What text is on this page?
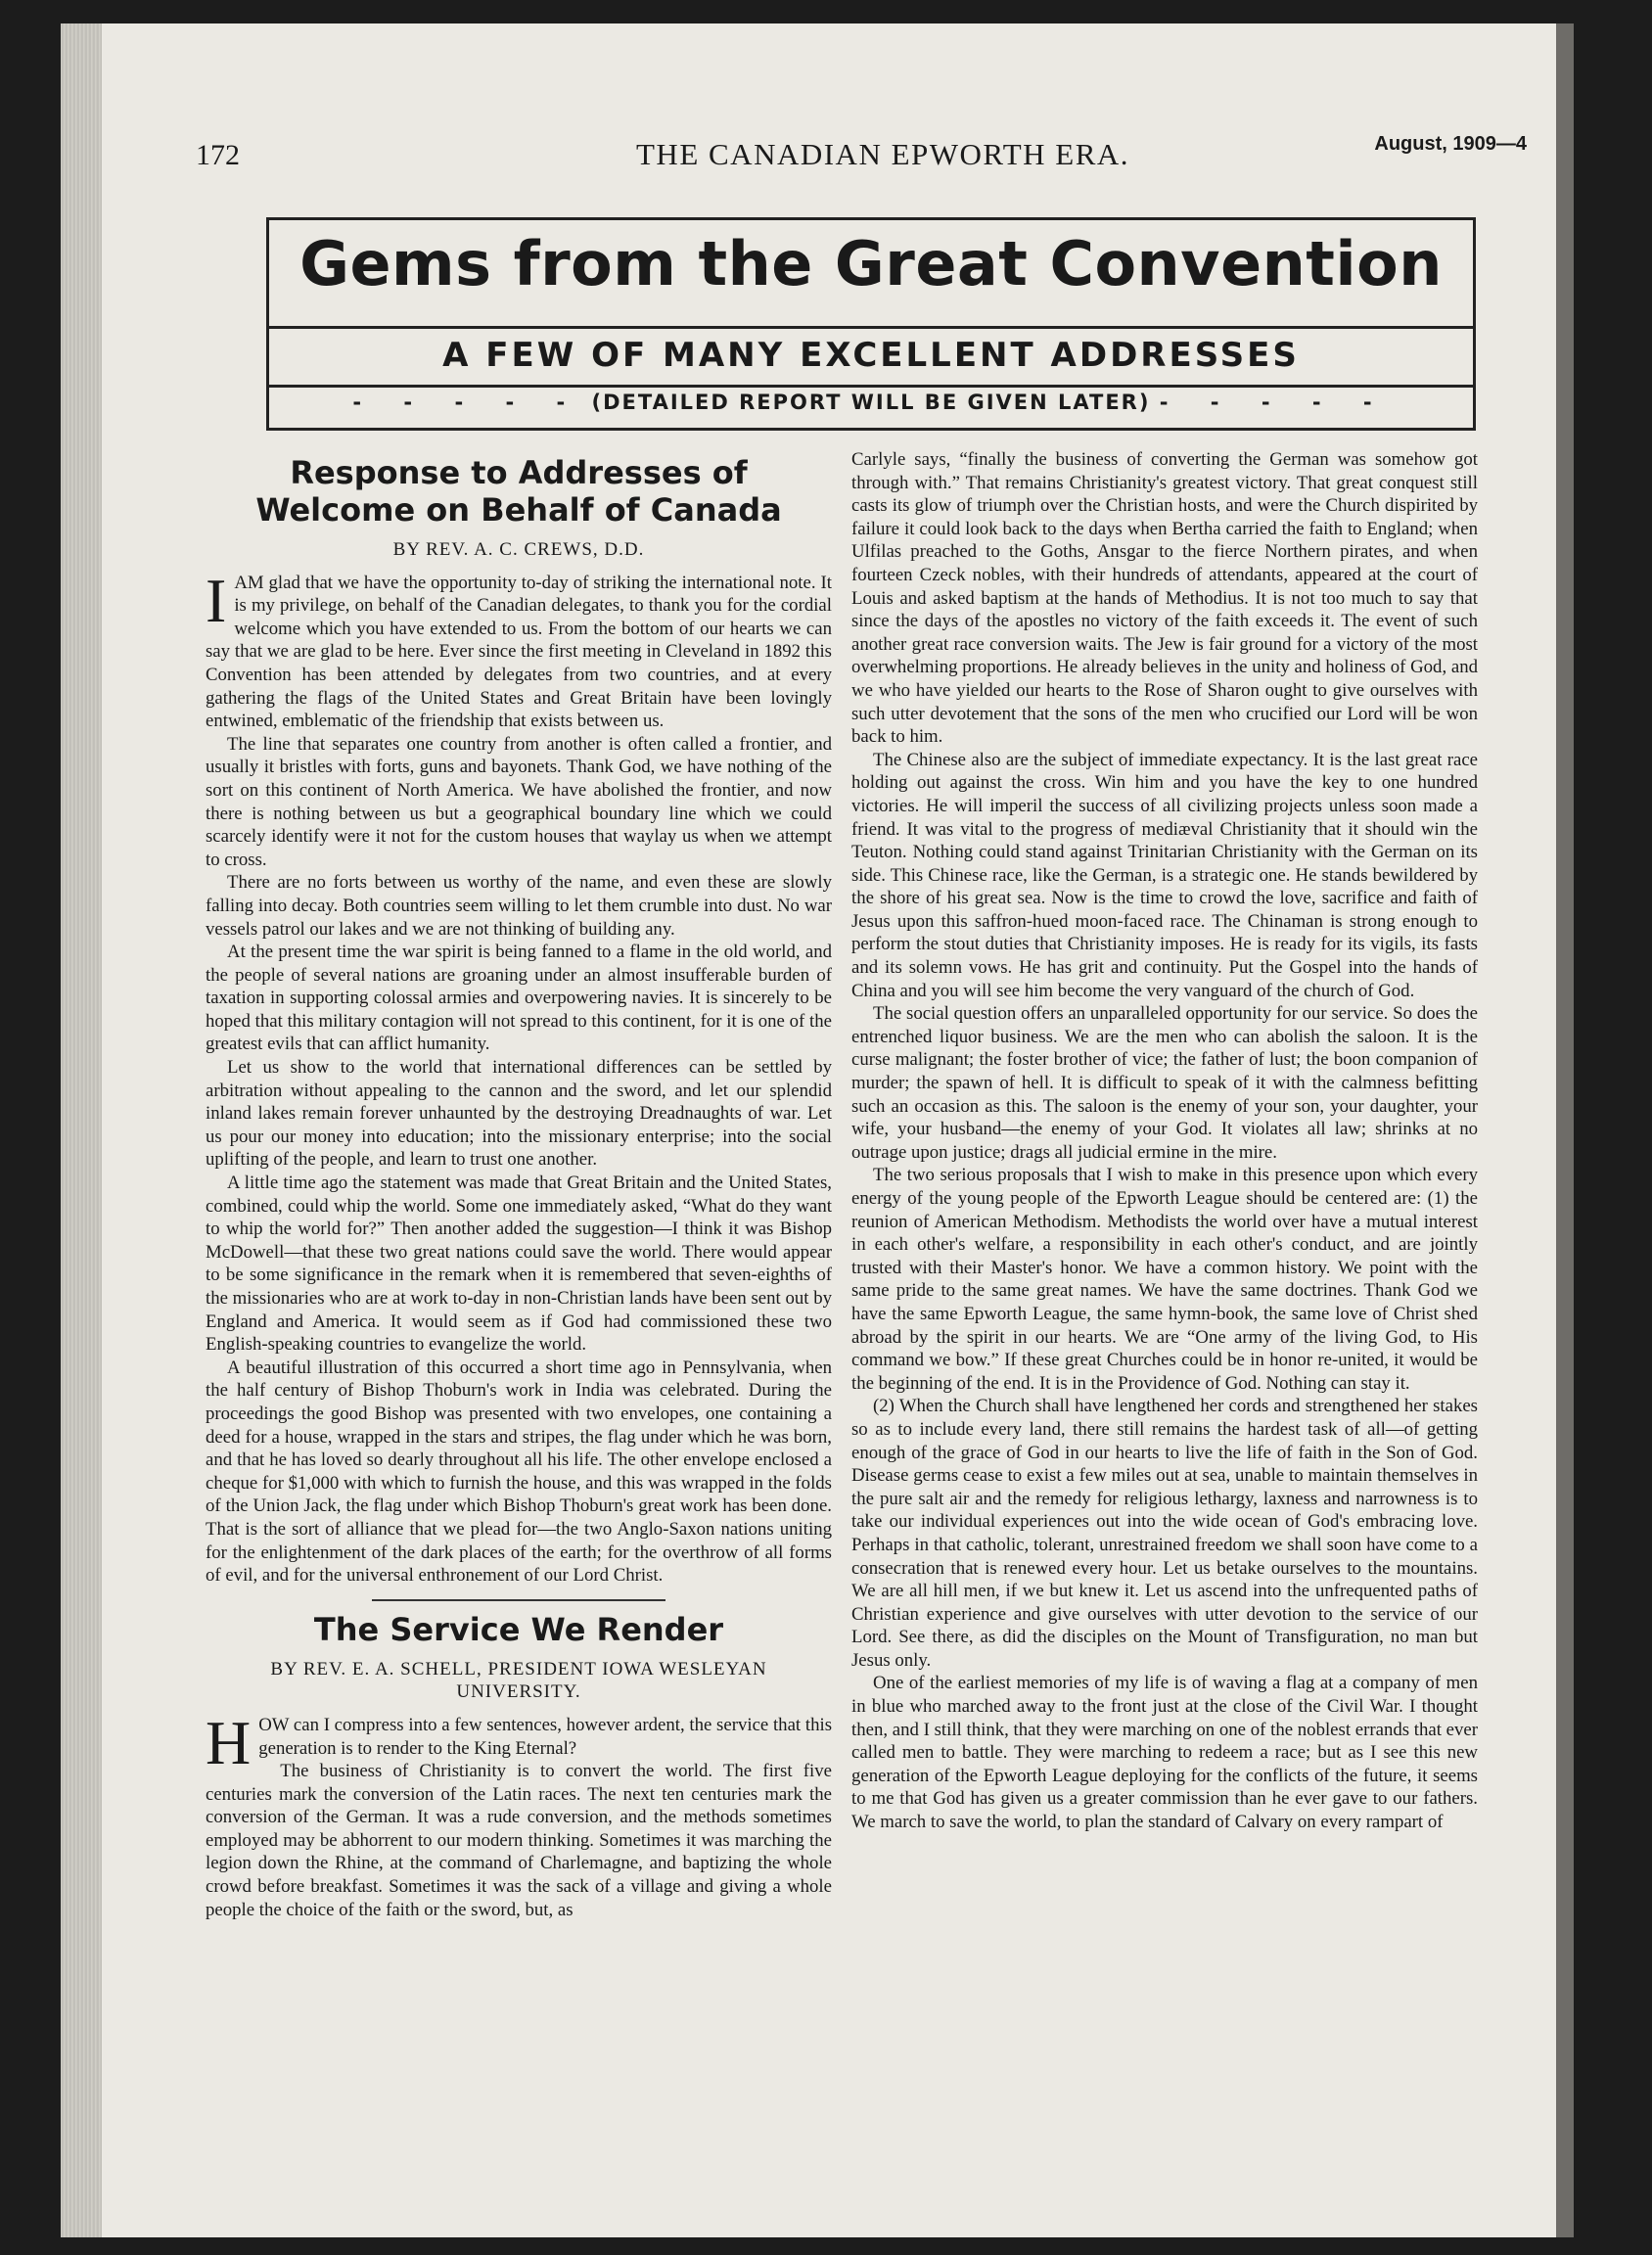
172	THE CANADIAN EPWORTH ERA.	August, 1909—4
Gems from the Great Convention
A FEW OF MANY EXCELLENT ADDRESSES
- - - - - (DETAILED REPORT WILL BE GIVEN LATER) - - - - -
Response to Addresses of Welcome on Behalf of Canada
BY REV. A. C. CREWS, D.D.

IAM glad that we have the opportunity to-day of striking the international note. It is my privilege, on behalf of the Canadian delegates, to thank you for the cordial welcome which you have extended to us. From the bottom of our hearts we can say that we are glad to be here. Ever since the first meeting in Cleveland in 1892 this Convention has been attended by delegates from two countries, and at every gathering the flags of the United States and Great Britain have been lovingly entwined, emblematic of the friendship that exists between us.

The line that separates one country from another is often called a frontier, and usually it bristles with forts, guns and bayonets. Thank God, we have nothing of the sort on this continent of North America. We have abolished the frontier, and now there is nothing between us but a geographical boundary line which we could scarcely identify were it not for the custom houses that waylay us when we attempt to cross.

There are no forts between us worthy of the name, and even these are slowly falling into decay. Both countries seem willing to let them crumble into dust. No war vessels patrol our lakes and we are not thinking of building any.

At the present time the war spirit is being fanned to a flame in the old world, and the people of several nations are groaning under an almost insufferable burden of taxation in supporting colossal armies and overpowering navies. It is sincerely to be hoped that this military contagion will not spread to this continent, for it is one of the greatest evils that can afflict humanity.

Let us show to the world that international differences can be settled by arbitration without appealing to the cannon and the sword, and let our splendid inland lakes remain forever unhaunted by the destroying Dreadnaughts of war. Let us pour our money into education; into the missionary enterprise; into the social uplifting of the people, and learn to trust one another.

A little time ago the statement was made that Great Britain and the United States, combined, could whip the world. Some one immediately asked, “What do they want to whip the world for?” Then another added the suggestion—I think it was Bishop McDowell—that these two great nations could save the world. There would appear to be some significance in the remark when it is remembered that seven-eighths of the missionaries who are at work to-day in non-Christian lands have been sent out by England and America. It would seem as if God had commissioned these two English-speaking countries to evangelize the world.

A beautiful illustration of this occurred a short time ago in Pennsylvania, when the half century of Bishop Thoburn's work in India was celebrated. During the proceedings the good Bishop was presented with two envelopes, one containing a deed for a house, wrapped in the stars and stripes, the flag under which he was born, and that he has loved so dearly throughout all his life. The other envelope enclosed a cheque for $1,000 with which to furnish the house, and this was wrapped in the folds of the Union Jack, the flag under which Bishop Thoburn's great work has been done. That is the sort of alliance that we plead for—the two Anglo-Saxon nations uniting for the enlightenment of the dark places of the earth; for the overthrow of all forms of evil, and for the universal enthronement of our Lord Christ.

The Service We Render
BY REV. E. A. SCHELL, PRESIDENT IOWA WESLEYAN UNIVERSITY.

HOW can I compress into a few sentences, however ardent, the service that this generation is to render to the King Eternal?

The business of Christianity is to convert the world. The first five centuries mark the conversion of the Latin races. The next ten centuries mark the conversion of the German. It was a rude conversion, and the methods sometimes employed may be abhorrent to our modern thinking. Sometimes it was marching the legion down the Rhine, at the command of Charlemagne, and baptizing the whole crowd before breakfast. Sometimes it was the sack of a village and giving a whole people the choice of the faith or the sword, but, as

Carlyle says, “finally the business of converting the German was somehow got through with.” That remains Christianity's greatest victory. That great conquest still casts its glow of triumph over the Christian hosts, and were the Church dispirited by failure it could look back to the days when Bertha carried the faith to England; when Ulfilas preached to the Goths, Ansgar to the fierce Northern pirates, and when fourteen Czeck nobles, with their hundreds of attendants, appeared at the court of Louis and asked baptism at the hands of Methodius. It is not too much to say that since the days of the apostles no victory of the faith exceeds it. The event of such another great race conversion waits. The Jew is fair ground for a victory of the most overwhelming proportions. He already believes in the unity and holiness of God, and we who have yielded our hearts to the Rose of Sharon ought to give ourselves with such utter devotement that the sons of the men who crucified our Lord will be won back to him.

The Chinese also are the subject of immediate expectancy. It is the last great race holding out against the cross. Win him and you have the key to one hundred victories. He will imperil the success of all civilizing projects unless soon made a friend. It was vital to the progress of mediæval Christianity that it should win the Teuton. Nothing could stand against Trinitarian Christianity with the German on its side. This Chinese race, like the German, is a strategic one. He stands bewildered by the shore of his great sea. Now is the time to crowd the love, sacrifice and faith of Jesus upon this saffron-hued moon-faced race. The Chinaman is strong enough to perform the stout duties that Christianity imposes. He is ready for its vigils, its fasts and its solemn vows. He has grit and continuity. Put the Gospel into the hands of China and you will see him become the very vanguard of the church of God.

The social question offers an unparalleled opportunity for our service. So does the entrenched liquor business. We are the men who can abolish the saloon. It is the curse malignant; the foster brother of vice; the father of lust; the boon companion of murder; the spawn of hell. It is difficult to speak of it with the calmness befitting such an occasion as this. The saloon is the enemy of your son, your daughter, your wife, your husband—the enemy of your God. It violates all law; shrinks at no outrage upon justice; drags all judicial ermine in the mire.

The two serious proposals that I wish to make in this presence upon which every energy of the young people of the Epworth League should be centered are: (1) the reunion of American Methodism. Methodists the world over have a mutual interest in each other's welfare, a responsibility in each other's conduct, and are jointly trusted with their Master's honor. We have a common history. We point with the same pride to the same great names. We have the same doctrines. Thank God we have the same Epworth League, the same hymn-book, the same love of Christ shed abroad by the spirit in our hearts. We are “One army of the living God, to His command we bow.” If these great Churches could be in honor re-united, it would be the beginning of the end. It is in the Providence of God. Nothing can stay it.

(2) When the Church shall have lengthened her cords and strengthened her stakes so as to include every land, there still remains the hardest task of all—of getting enough of the grace of God in our hearts to live the life of faith in the Son of God. Disease germs cease to exist a few miles out at sea, unable to maintain themselves in the pure salt air and the remedy for religious lethargy, laxness and narrowness is to take our individual experiences out into the wide ocean of God's embracing love. Perhaps in that catholic, tolerant, unrestrained freedom we shall soon have come to a consecration that is renewed every hour. Let us betake ourselves to the mountains. We are all hill men, if we but knew it. Let us ascend into the unfrequented paths of Christian experience and give ourselves with utter devotion to the service of our Lord. See there, as did the disciples on the Mount of Transfiguration, no man but Jesus only.

One of the earliest memories of my life is of waving a flag at a company of men in blue who marched away to the front just at the close of the Civil War. I thought then, and I still think, that they were marching on one of the noblest errands that ever called men to battle. They were marching to redeem a race; but as I see this new generation of the Epworth League deploying for the conflicts of the future, it seems to me that God has given us a greater commission than he ever gave to our fathers. We march to save the world, to plan the standard of Calvary on every rampart of
